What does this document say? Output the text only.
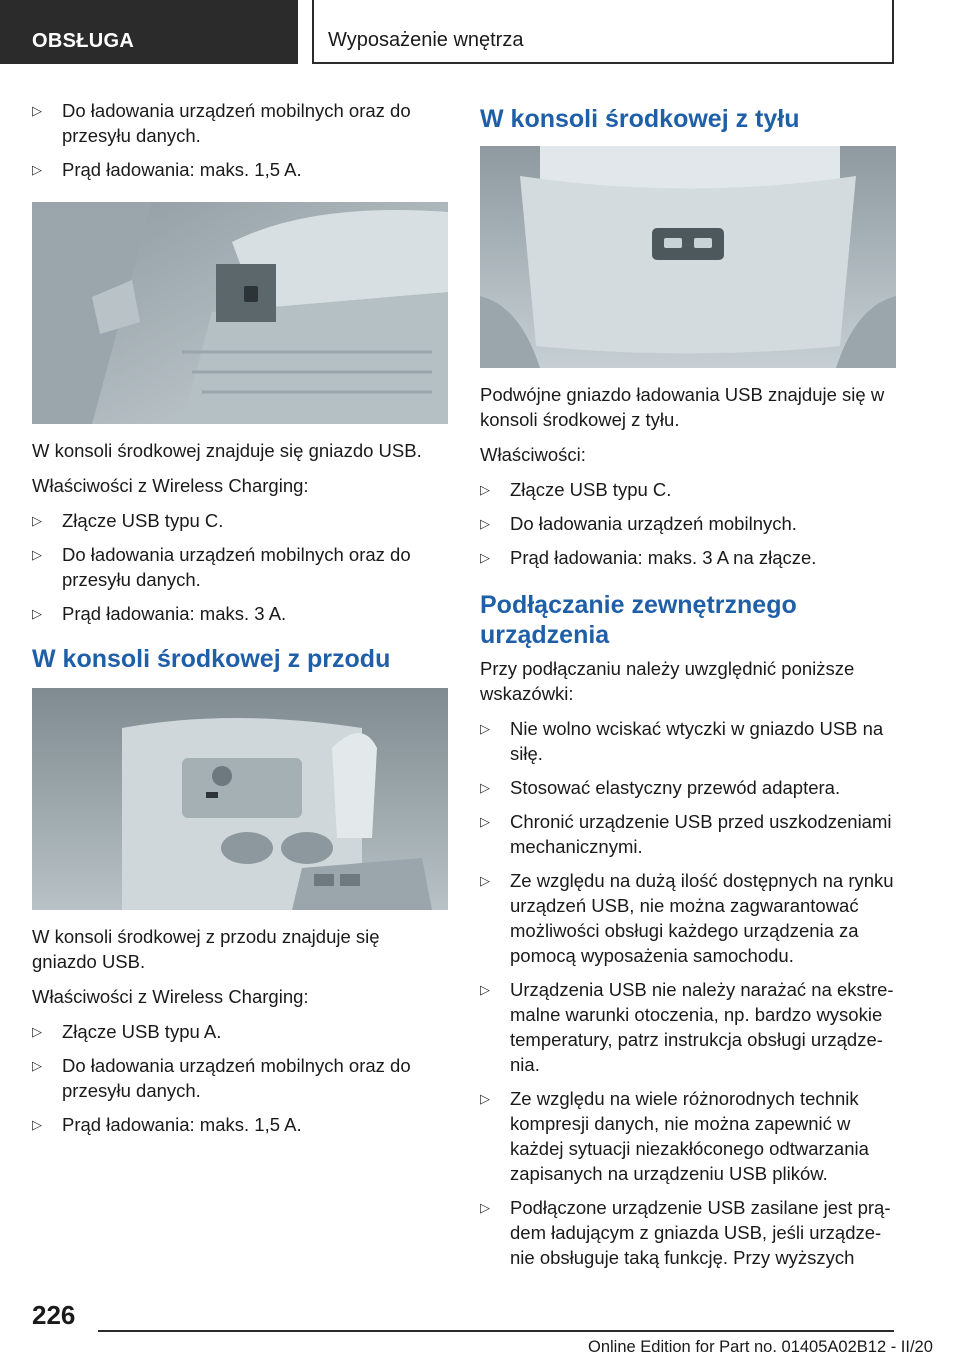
OBSŁUGA	Wyposażenie wnętrza
▷ Do ładowania urządzeń mobilnych oraz do przesyłu danych.
▷ Prąd ładowania: maks. 1,5 A.

W konsoli środkowej znajduje się gniazdo USB.

Właściwości z Wireless Charging:

▷ Złącze USB typu C.
▷ Do ładowania urządzeń mobilnych oraz do przesyłu danych.
▷ Prąd ładowania: maks. 3 A.
W konsoli środkowej z przodu

W konsoli środkowej z przodu znajduje się gniazdo USB.

Właściwości z Wireless Charging:

▷ Złącze USB typu A.
▷ Do ładowania urządzeń mobilnych oraz do przesyłu danych.
▷ Prąd ładowania: maks. 1,5 A.
W konsoli środkowej z tyłu

Podwójne gniazdo ładowania USB znajduje się w konsoli środkowej z tyłu.

Właściwości:

▷ Złącze USB typu C.
▷ Do ładowania urządzeń mobilnych.
▷ Prąd ładowania: maks. 3 A na złącze.
Podłączanie zewnętrznego urządzenia

Przy podłączaniu należy uwzględnić poniższe wskazówki:

▷ Nie wolno wciskać wtyczki w gniazdo USB na siłę.
▷ Stosować elastyczny przewód adaptera.
▷ Chronić urządzenie USB przed uszkodzeniami mechanicznymi.
▷ Ze względu na dużą ilość dostępnych na rynku urządzeń USB, nie można zagwarantować możliwości obsługi każdego urządzenia za pomocą wyposażenia samochodu.
▷ Urządzenia USB nie należy narażać na ekstremalne warunki otoczenia, np. bardzo wysokie temperatury, patrz instrukcja obsługi urządzenia.
▷ Ze względu na wiele różnorodnych technik kompresji danych, nie można zapewnić w każdej sytuacji niezakłóconego odtwarzania zapisanych na urządzeniu USB plików.
▷ Podłączone urządzenie USB zasilane jest prądem ładującym z gniazda USB, jeśli urządzenie obsługuje taką funkcję. Przy wyższych
226
Online Edition for Part no. 01405A02B12 - II/20
